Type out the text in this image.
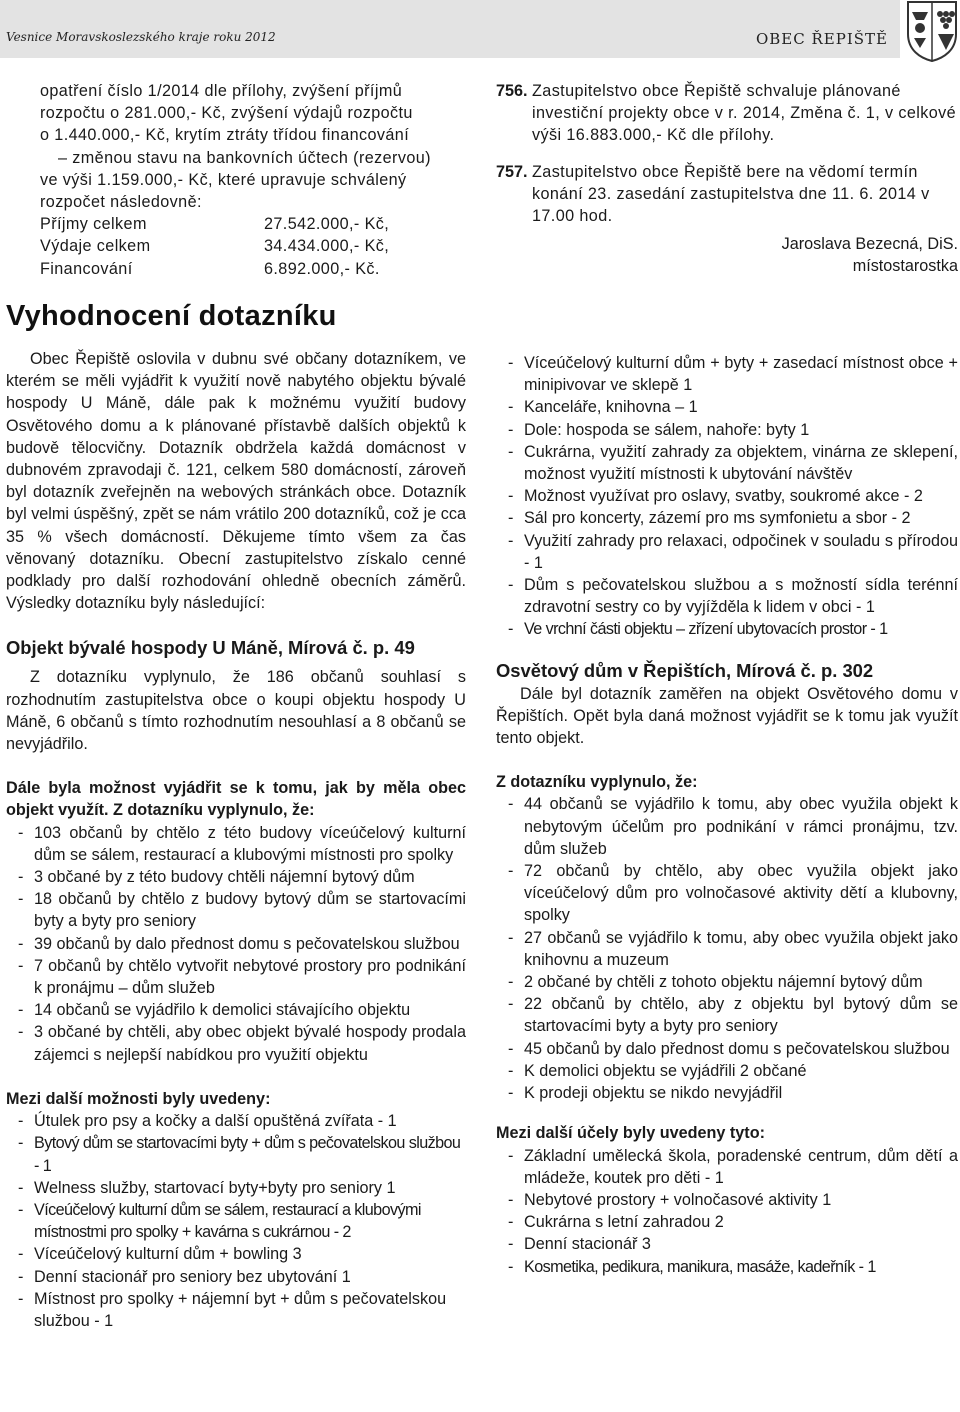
Vesnice Moravskoslezského kraje roku 2012	OBEC ŘEPIŠTĚ

opatření číslo 1/2014 dle přílohy, zvýšení příjmů

rozpočtu o 281.000,- Kč, zvýšení výdajů rozpočtu

o 1.440.000,- Kč, krytím ztráty třídou financování

– změnou stavu na bankovních účtech (rezervou)

ve výši 1.159.000,- Kč, které upravuje schválený

rozpočet následovně:

Příjmy celkem	27.542.000,- Kč,
Výdaje celkem	34.434.000,- Kč,
Financování	6.892.000,- Kč.
756. Zastupitelstvo obce Řepiště schvaluje plánované investiční projekty obce v r. 2014, Změna č. 1, v celkové výši 16.883.000,- Kč dle přílohy.
757. Zastupitelstvo obce Řepiště bere na vědomí termín konání 23. zasedání zastupitelstva dne 11. 6. 2014 v 17.00 hod.
Jaroslava Bezecná, DiS.
místostarostka
Vyhodnocení dotazníku

Obec Řepiště oslovila v dubnu své občany dotazníkem, ve kterém se měli vyjádřit k využití nově nabytého objektu bývalé hospody U Máně, dále pak k možnému využití budovy Osvětového domu a k plánované přístavbě dalších objektů k budově tělocvičny. Dotazník obdržela každá domácnost v dubnovém zpravodaji č. 121, celkem 580 domácností, zároveň byl dotazník zveřejněn na webových stránkách obce. Dotazník byl velmi úspěšný, zpět se nám vrátilo 200 dotazníků, což je cca 35 % všech domácností. Děkujeme tímto všem za čas věnovaný dotazníku. Obecní zastupitelstvo získalo cenné podklady pro další rozhodování ohledně obecních záměrů. Výsledky dotazníku byly následující:

Objekt bývalé hospody U Máně, Mírová č. p. 49

Z dotazníku vyplynulo, že 186 občanů souhlasí s rozhodnutím zastupitelstva obce o koupi objektu hospody U Máně, 6 občanů s tímto rozhodnutím nesouhlasí a 8 občanů se nevyjádřilo.

Dále byla možnost vyjádřit se k tomu, jak by měla obec objekt využít. Z dotazníku vyplynulo, že:

- 103 občanů by chtělo z této budovy víceúčelový kulturní dům se sálem, restaurací a klubovými místnosti pro spolky
- 3 občané by z této budovy chtěli nájemní bytový dům
- 18 občanů by chtělo z budovy bytový dům se startovacími byty a byty pro seniory
- 39 občanů by dalo přednost domu s pečovatelskou službou
- 7 občanů by chtělo vytvořit nebytové prostory pro podnikání k pronájmu – dům služeb
- 14 občanů se vyjádřilo k demolici stávajícího objektu
- 3 občané by chtěli, aby obec objekt bývalé hospody prodala zájemci s nejlepší nabídkou pro využití objektu

Mezi další možnosti byly uvedeny:

- Útulek pro psy a kočky a další opuštěná zvířata - 1
- Bytový dům se startovacími byty + dům s pečovatelskou službou - 1
- Welness služby, startovací byty+byty pro seniory 1
- Víceúčelový kulturní dům se sálem, restaurací a klubovými místnostmi pro spolky + kavárna s cukrárnou - 2
- Víceúčelový kulturní dům + bowling 3
- Denní stacionář pro seniory bez ubytování 1
- Místnost pro spolky + nájemní byt + dům s pečovatelskou službou - 1
- Víceúčelový kulturní dům + byty + zasedací místnost obce + minipivovar ve sklepě 1
- Kanceláře, knihovna – 1
- Dole: hospoda se sálem, nahoře: byty 1
- Cukrárna, využití zahrady za objektem, vinárna ze sklepení, možnost využití místnosti k ubytování návštěv
- Možnost využívat pro oslavy, svatby, soukromé akce - 2
- Sál pro koncerty, zázemí pro ms symfonietu a sbor - 2
- Využití zahrady pro relaxaci, odpočinek v souladu s přírodou - 1
- Dům s pečovatelskou službou a s možností sídla terénní zdravotní sestry co by vyjížděla k lidem v obci - 1
- Ve vrchní části objektu – zřízení ubytovacích prostor - 1

Osvětový dům v Řepištích, Mírová č. p. 302

Dále byl dotazník zaměřen na objekt Osvětového domu v Řepištích. Opět byla daná možnost vyjádřit se k tomu jak využít tento objekt.

Z dotazníku vyplynulo, že:

- 44 občanů se vyjádřilo k tomu, aby obec využila objekt k nebytovým účelům pro podnikání v rámci pronájmu, tzv. dům služeb
- 72 občanů by chtělo, aby obec využila objekt jako víceúčelový dům pro volnočasové aktivity dětí a klubovny, spolky
- 27 občanů se vyjádřilo k tomu, aby obec využila objekt jako knihovnu a muzeum
- 2 občané by chtěli z tohoto objektu nájemní bytový dům
- 22 občanů by chtělo, aby z objektu byl bytový dům se startovacími byty a byty pro seniory
- 45 občanů by dalo přednost domu s pečovatelskou službou
- K demolici objektu se vyjádřili 2 občané
- K prodeji objektu se nikdo nevyjádřil

Mezi další účely byly uvedeny tyto:

- Základní umělecká škola, poradenské centrum, dům dětí a mládeže, koutek pro děti - 1
- Nebytové prostory + volnočasové aktivity 1
- Cukrárna s letní zahradou 2
- Denní stacionář 3
- Kosmetika, pedikura, manikura, masáže, kadeřník - 1
